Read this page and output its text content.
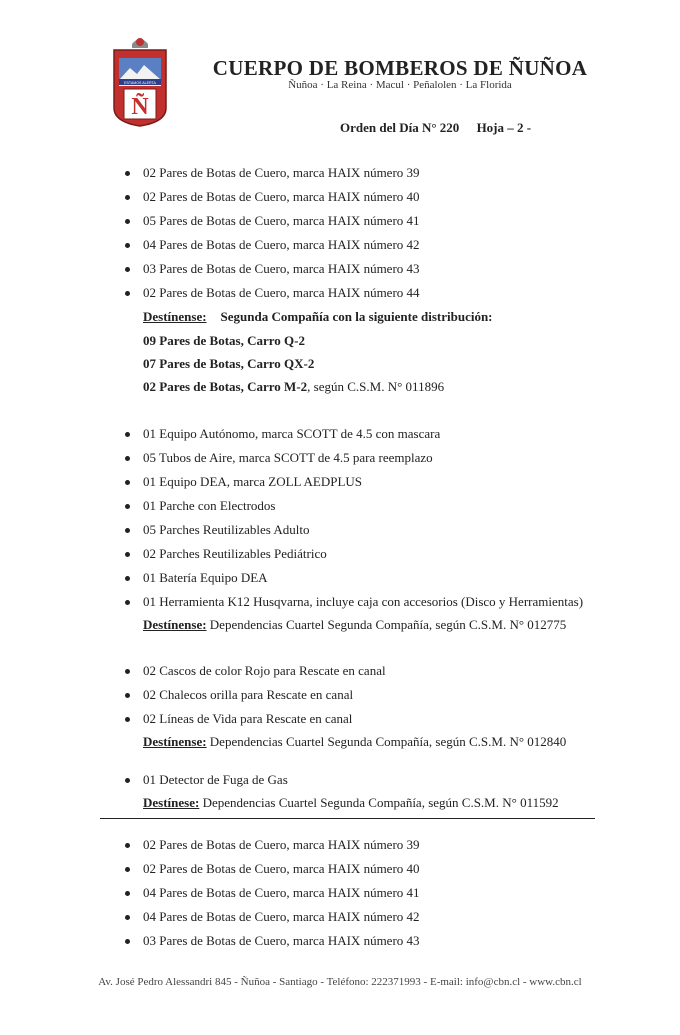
ESTAMOS ALERTA
Ñ
CUERPO DE BOMBEROS DE ÑUÑOA
Ñuñoa · La Reina · Macul · Peñalolen · La Florida
Orden del Día N° 220 Hoja – 2 -
02 Pares de Botas de Cuero, marca HAIX número 39
02 Pares de Botas de Cuero, marca HAIX número 40
05 Pares de Botas de Cuero, marca HAIX número 41
04 Pares de Botas de Cuero, marca HAIX número 42
03 Pares de Botas de Cuero, marca HAIX número 43
02 Pares de Botas de Cuero, marca HAIX número 44
Destínense: Segunda Compañía con la siguiente distribución:
09 Pares de Botas, Carro Q-2
07 Pares de Botas, Carro QX-2
02 Pares de Botas, Carro M-2, según C.S.M. N° 011896
01 Equipo Autónomo, marca SCOTT de 4.5 con mascara
05 Tubos de Aire, marca SCOTT de 4.5 para reemplazo
01 Equipo DEA, marca ZOLL AEDPLUS
01 Parche con Electrodos
05 Parches Reutilizables Adulto
02 Parches Reutilizables Pediátrico
01 Batería Equipo DEA
01 Herramienta K12 Husqvarna, incluye caja con accesorios (Disco y Herramientas)
Destínense: Dependencias Cuartel Segunda Compañía, según C.S.M. N° 012775
02 Cascos de color Rojo para Rescate en canal
02 Chalecos orilla para Rescate en canal
02 Líneas de Vida para Rescate en canal
Destínense: Dependencias Cuartel Segunda Compañía, según C.S.M. N° 012840
01 Detector de Fuga de Gas
Destínese: Dependencias Cuartel Segunda Compañía, según C.S.M. N° 011592
02 Pares de Botas de Cuero, marca HAIX número 39
02 Pares de Botas de Cuero, marca HAIX número 40
04 Pares de Botas de Cuero, marca HAIX número 41
04 Pares de Botas de Cuero, marca HAIX número 42
03 Pares de Botas de Cuero, marca HAIX número 43
Av. José Pedro Alessandri 845 - Ñuñoa - Santiago - Teléfono: 222371993 - E-mail: info@cbn.cl - www.cbn.cl
